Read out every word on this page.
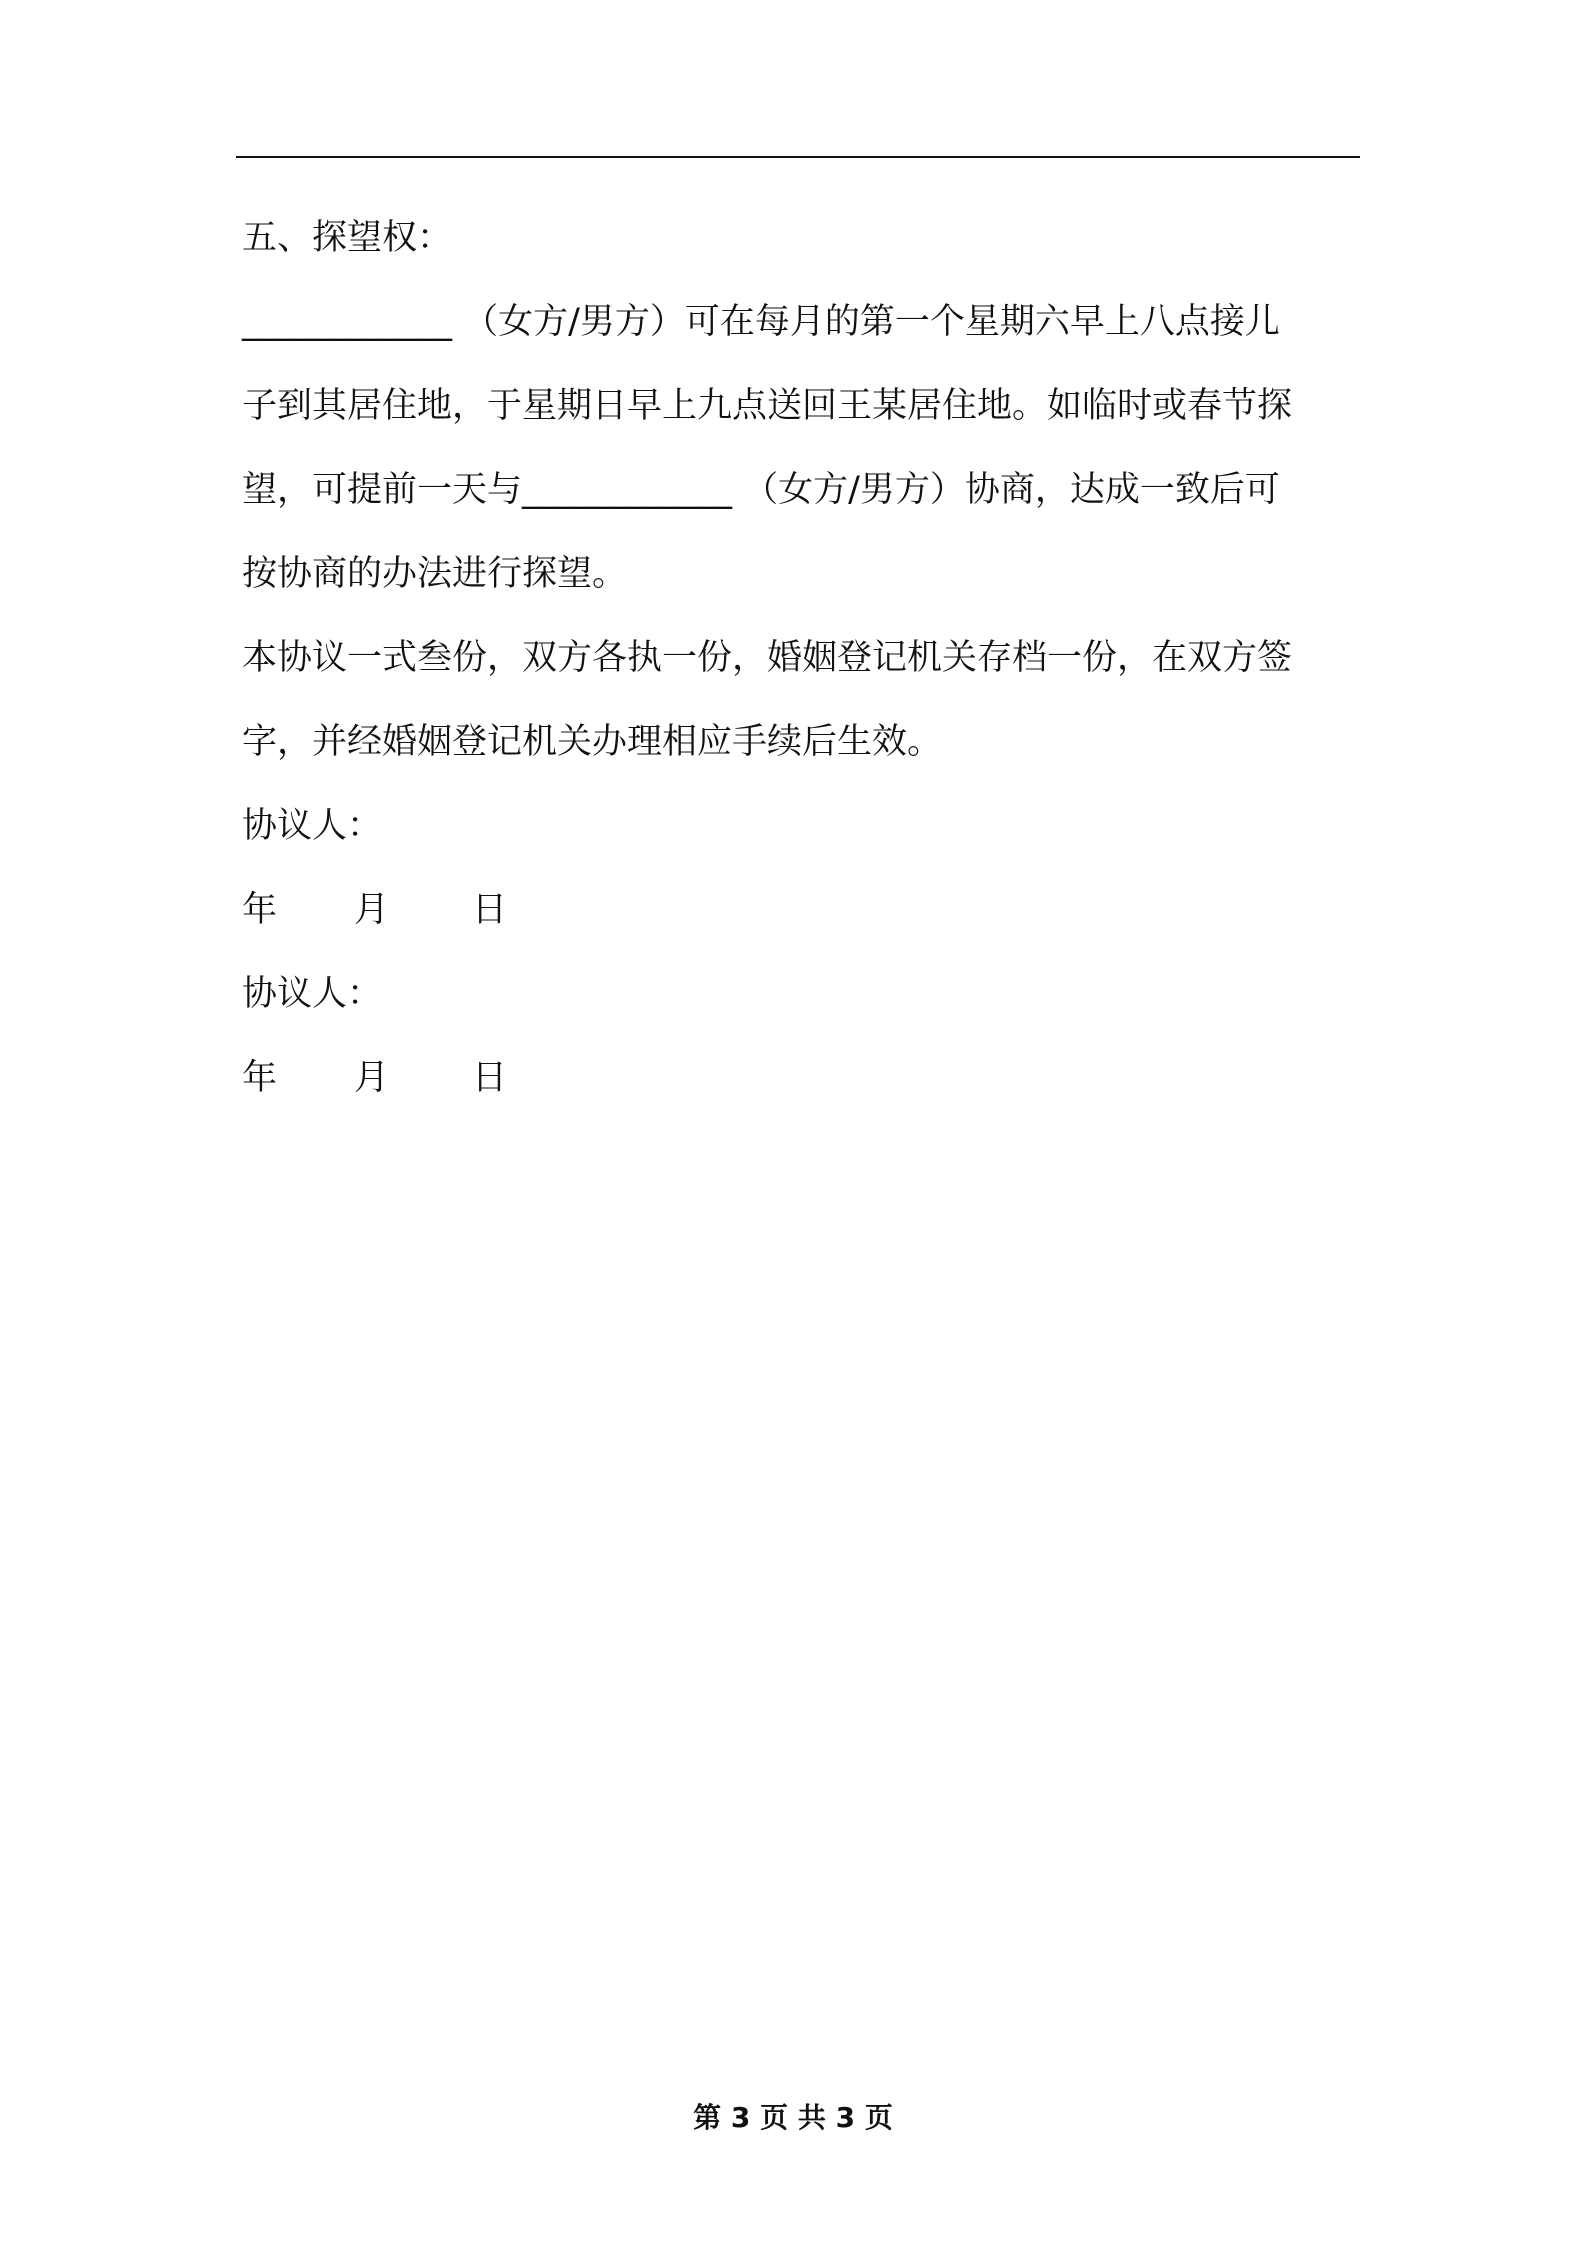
五、探望权：

____________ （女方/男方）可在每月的第一个星期六早上八点接儿

子到其居住地，于星期日早上九点送回王某居住地。如临时或春节探

望，可提前一天与____________ （女方/男方）协商，达成一致后可

按协商的办法进行探望。

本协议一式叁份，双方各执一份，婚姻登记机关存档一份，在双方签

字，并经婚姻登记机关办理相应手续后生效。

协议人：

年	月	日

协议人：

年	月	日
第 3 页 共 3 页
